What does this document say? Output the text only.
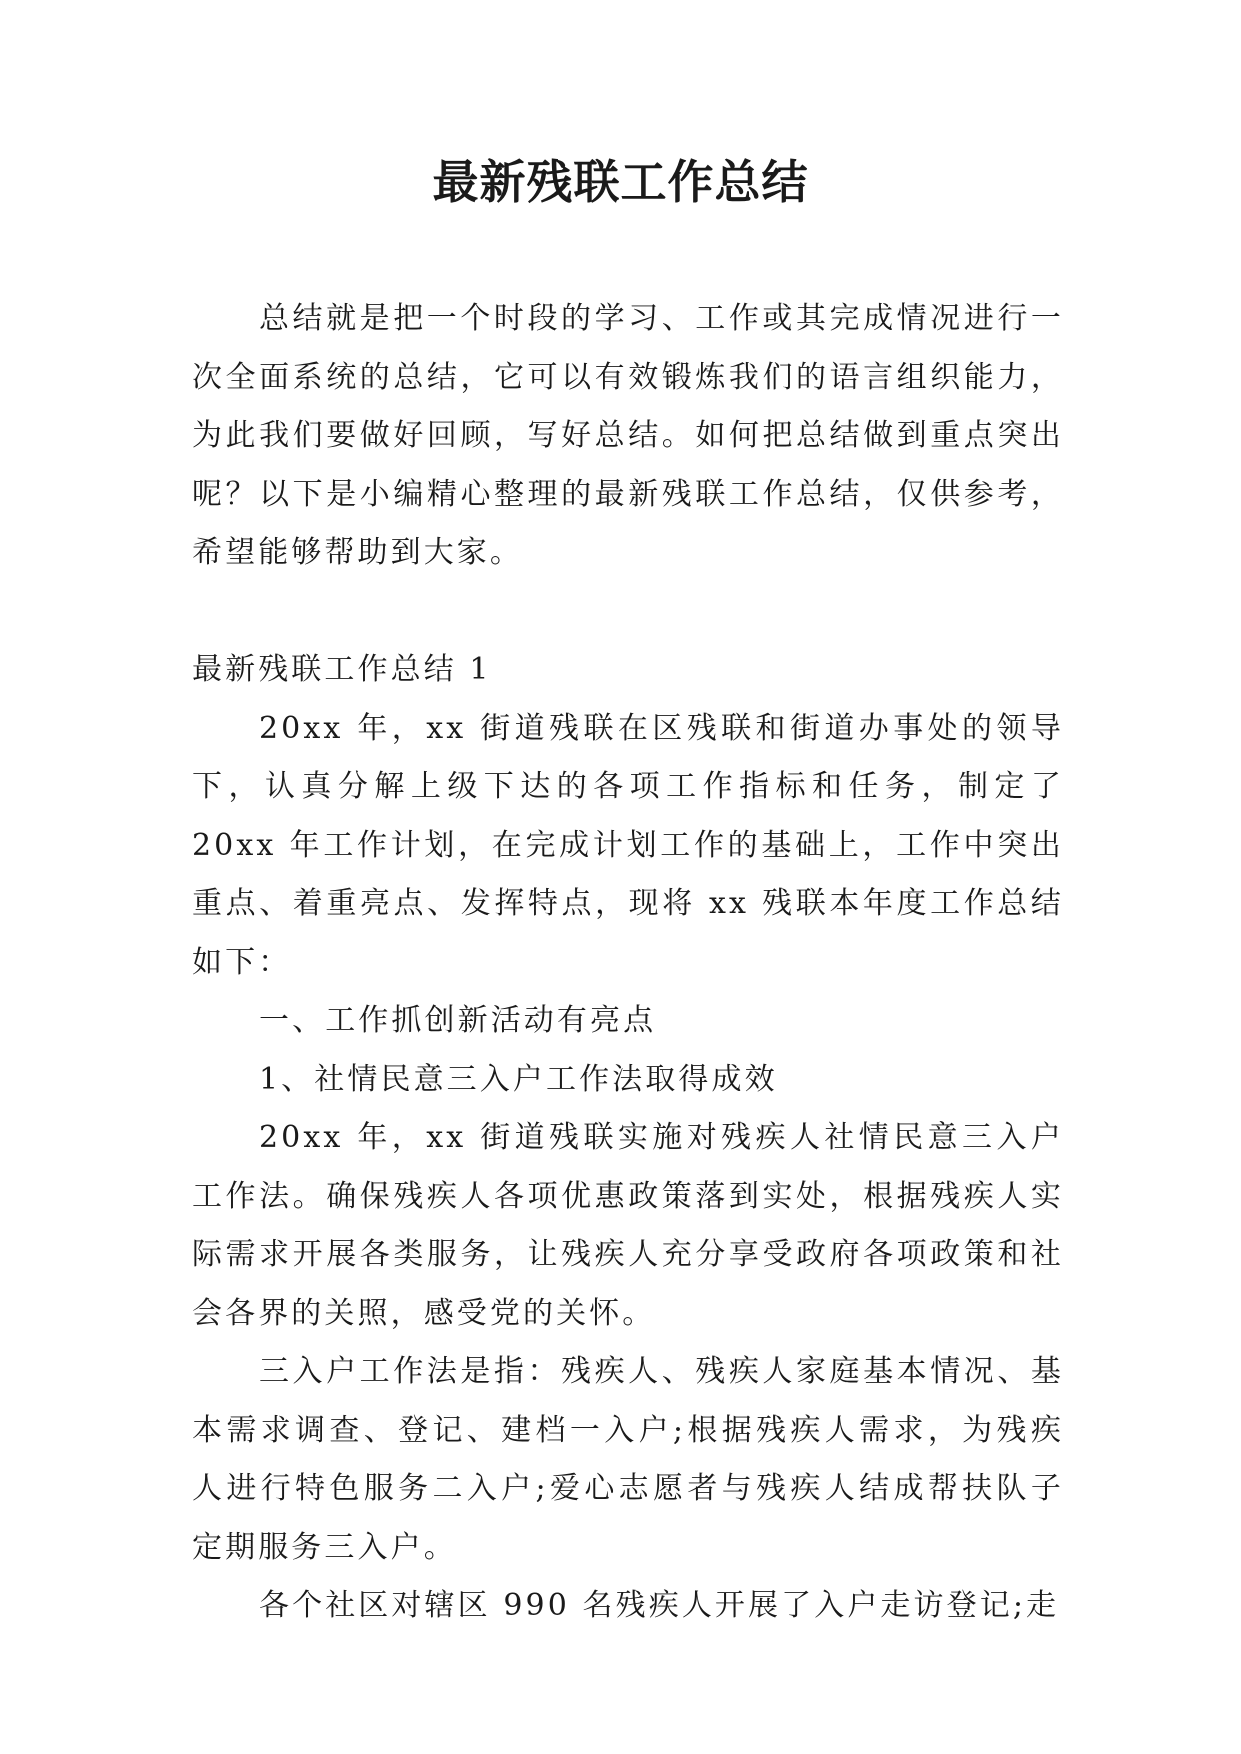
最新残联工作总结

总结就是把一个时段的学习、工作或其完成情况进行一次全面系统的总结，它可以有效锻炼我们的语言组织能力，为此我们要做好回顾，写好总结。如何把总结做到重点突出呢？以下是小编精心整理的最新残联工作总结，仅供参考，希望能够帮助到大家。

最新残联工作总结 1

20xx 年，xx 街道残联在区残联和街道办事处的领导下，认真分解上级下达的各项工作指标和任务，制定了 20xx 年工作计划，在完成计划工作的基础上，工作中突出重点、着重亮点、发挥特点，现将 xx 残联本年度工作总结如下：

一、工作抓创新活动有亮点

1、社情民意三入户工作法取得成效

20xx 年，xx 街道残联实施对残疾人社情民意三入户工作法。确保残疾人各项优惠政策落到实处，根据残疾人实际需求开展各类服务，让残疾人充分享受政府各项政策和社会各界的关照，感受党的关怀。

三入户工作法是指：残疾人、残疾人家庭基本情况、基本需求调查、登记、建档一入户;根据残疾人需求，为残疾人进行特色服务二入户;爱心志愿者与残疾人结成帮扶队子定期服务三入户。

各个社区对辖区 990 名残疾人开展了入户走访登记;走
